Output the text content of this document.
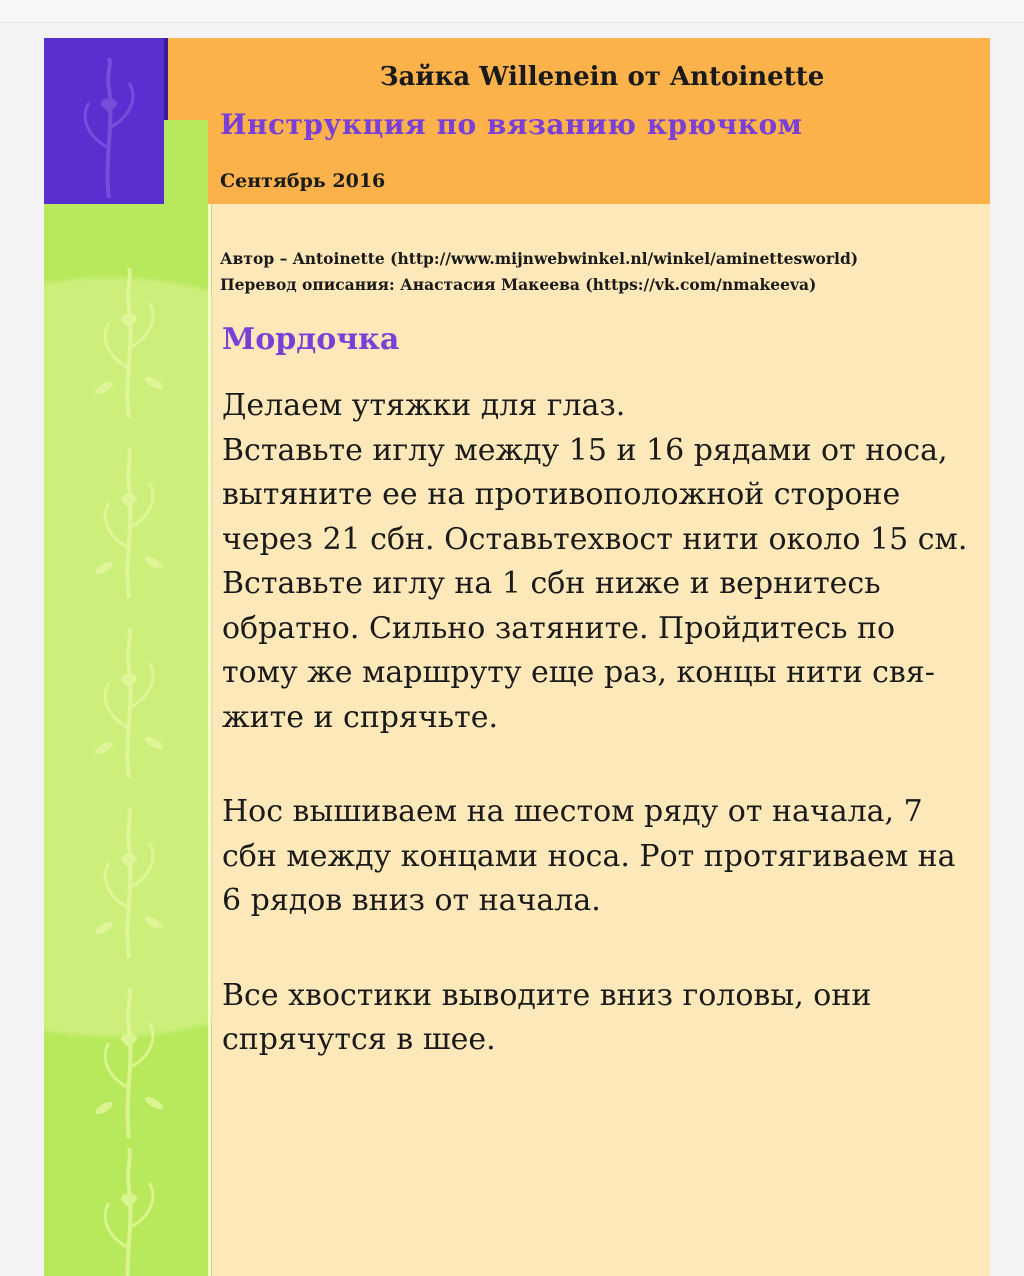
Зайка Willenein от Antoinette
Инструкция по вязанию крючком
Сентябрь 2016
Автор – Antoinette (http://www.mijnwebwinkel.nl/winkel/aminettesworld)
Перевод описания: Анастасия Макеева (https://vk.com/nmakeeva)
Мордочка

Делаем утяжки для глаз.

Вставьте иглу между 15 и 16 рядами от носа, вытяните ее на противоположной стороне через 21 сбн. Оставьтехвост нити около 15 см. Вставьте иглу на 1 сбн ниже и вернитесь обратно. Сильно затяните. Пройдитесь по тому же маршруту еще раз, концы нити свя-жите и спрячьте.

Нос вышиваем на шестом ряду от начала, 7 сбн между концами носа. Рот протягиваем на 6 рядов вниз от начала.

Все хвостики выводите вниз головы, они спрячутся в шее.
